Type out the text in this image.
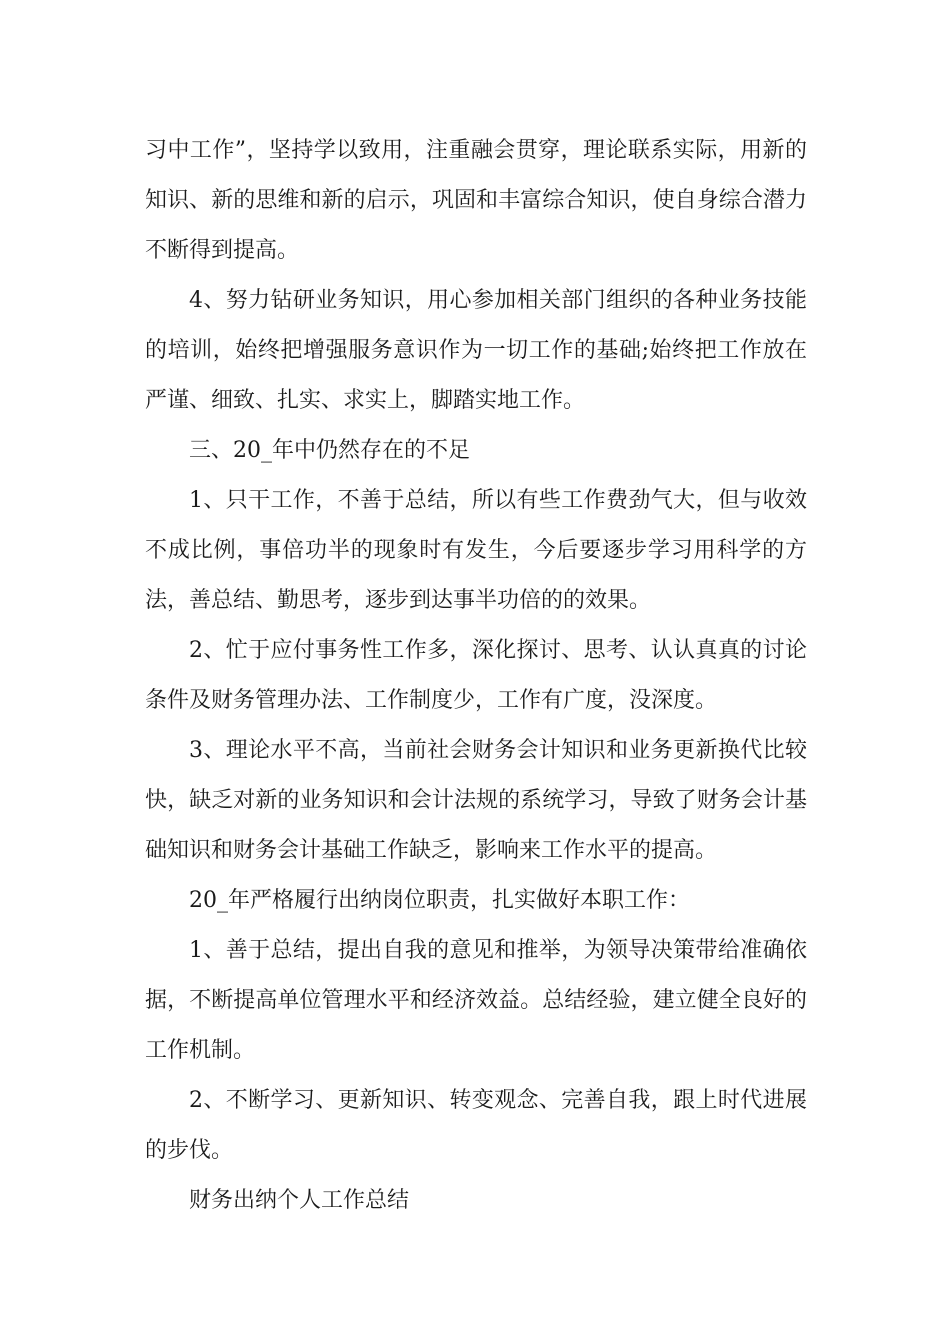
习中工作”，坚持学以致用，注重融会贯穿，理论联系实际，用新的知识、新的思维和新的启示，巩固和丰富综合知识，使自身综合潜力不断得到提高。

4、努力钻研业务知识，用心参加相关部门组织的各种业务技能的培训，始终把增强服务意识作为一切工作的基础;始终把工作放在严谨、细致、扎实、求实上，脚踏实地工作。

三、20_年中仍然存在的不足

1、只干工作，不善于总结，所以有些工作费劲气大，但与收效不成比例，事倍功半的现象时有发生，今后要逐步学习用科学的方法，善总结、勤思考，逐步到达事半功倍的的效果。

2、忙于应付事务性工作多，深化探讨、思考、认认真真的讨论条件及财务管理办法、工作制度少，工作有广度，没深度。

3、理论水平不高，当前社会财务会计知识和业务更新换代比较快，缺乏对新的业务知识和会计法规的系统学习，导致了财务会计基础知识和财务会计基础工作缺乏，影响来工作水平的提高。

20_年严格履行出纳岗位职责，扎实做好本职工作：

1、善于总结，提出自我的意见和推举，为领导决策带给准确依据，不断提高单位管理水平和经济效益。总结经验，建立健全良好的工作机制。

2、不断学习、更新知识、转变观念、完善自我，跟上时代进展的步伐。

财务出纳个人工作总结
